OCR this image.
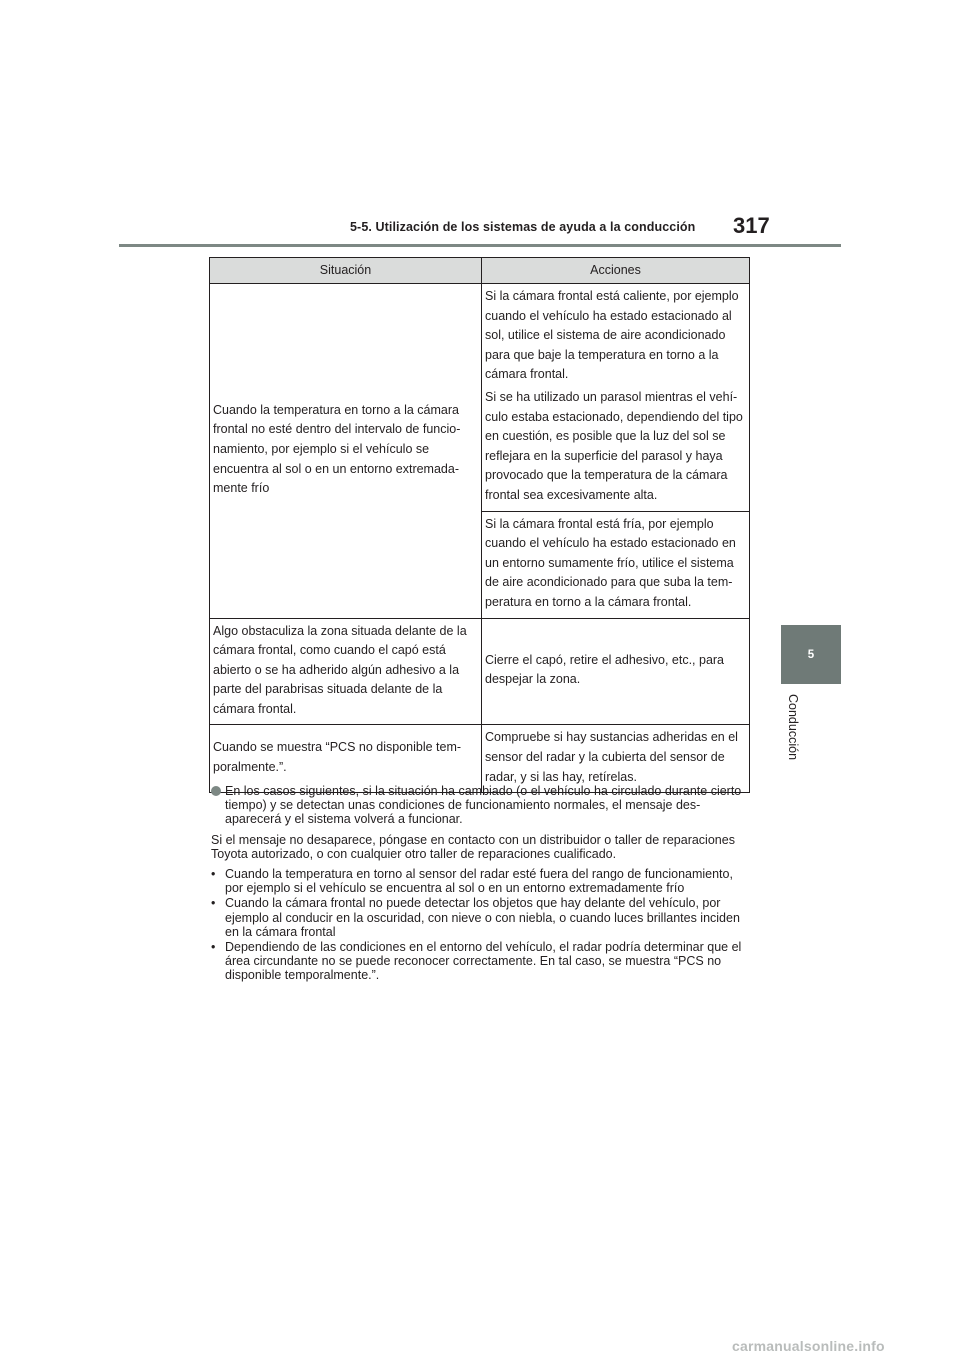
5-5. Utilización de los sistemas de ayuda a la conducción 317
5
Conducción
Situación	Acciones
Cuando la temperatura en torno a la cámara frontal no esté dentro del intervalo de funcio-namiento, por ejemplo si el vehículo se encuentra al sol o en un entorno extremada-mente frío	Si la cámara frontal está caliente, por ejemplo cuando el vehículo ha estado estacionado al sol, utilice el sistema de aire acondicionado para que baje la temperatura en torno a la cámara frontal.

Si se ha utilizado un parasol mientras el vehí-culo estaba estacionado, dependiendo del tipo en cuestión, es posible que la luz del sol se reflejara en la superficie del parasol y haya provocado que la temperatura de la cámara frontal sea excesivamente alta.

	Si la cámara frontal está fría, por ejemplo cuando el vehículo ha estado estacionado en un entorno sumamente frío, utilice el sistema de aire acondicionado para que suba la tem-peratura en torno a la cámara frontal.

Algo obstaculiza la zona situada delante de la cámara frontal, como cuando el capó está abierto o se ha adherido algún adhesivo a la parte del parabrisas situada delante de la cámara frontal.	Cierre el capó, retire el adhesivo, etc., para despejar la zona.

Cuando se muestra “PCS no disponible tem-poralmente.”.	Compruebe si hay sustancias adheridas en el sensor del radar y la cubierta del sensor de radar, y si las hay, retírelas.

En los casos siguientes, si la situación ha cambiado (o el vehículo ha circulado durante cierto tiempo) y se detectan unas condiciones de funcionamiento normales, el mensaje des-aparecerá y el sistema volverá a funcionar.

Si el mensaje no desaparece, póngase en contacto con un distribuidor o taller de reparaciones Toyota autorizado, o con cualquier otro taller de reparaciones cualificado.

• Cuando la temperatura en torno al sensor del radar esté fuera del rango de funcionamiento, por ejemplo si el vehículo se encuentra al sol o en un entorno extremadamente frío
• Cuando la cámara frontal no puede detectar los objetos que hay delante del vehículo, por ejemplo al conducir en la oscuridad, con nieve o con niebla, o cuando luces brillantes inciden en la cámara frontal
• Dependiendo de las condiciones en el entorno del vehículo, el radar podría determinar que el área circundante no se puede reconocer correctamente. En tal caso, se muestra “PCS no disponible temporalmente.”.
carmanualsonline.info
